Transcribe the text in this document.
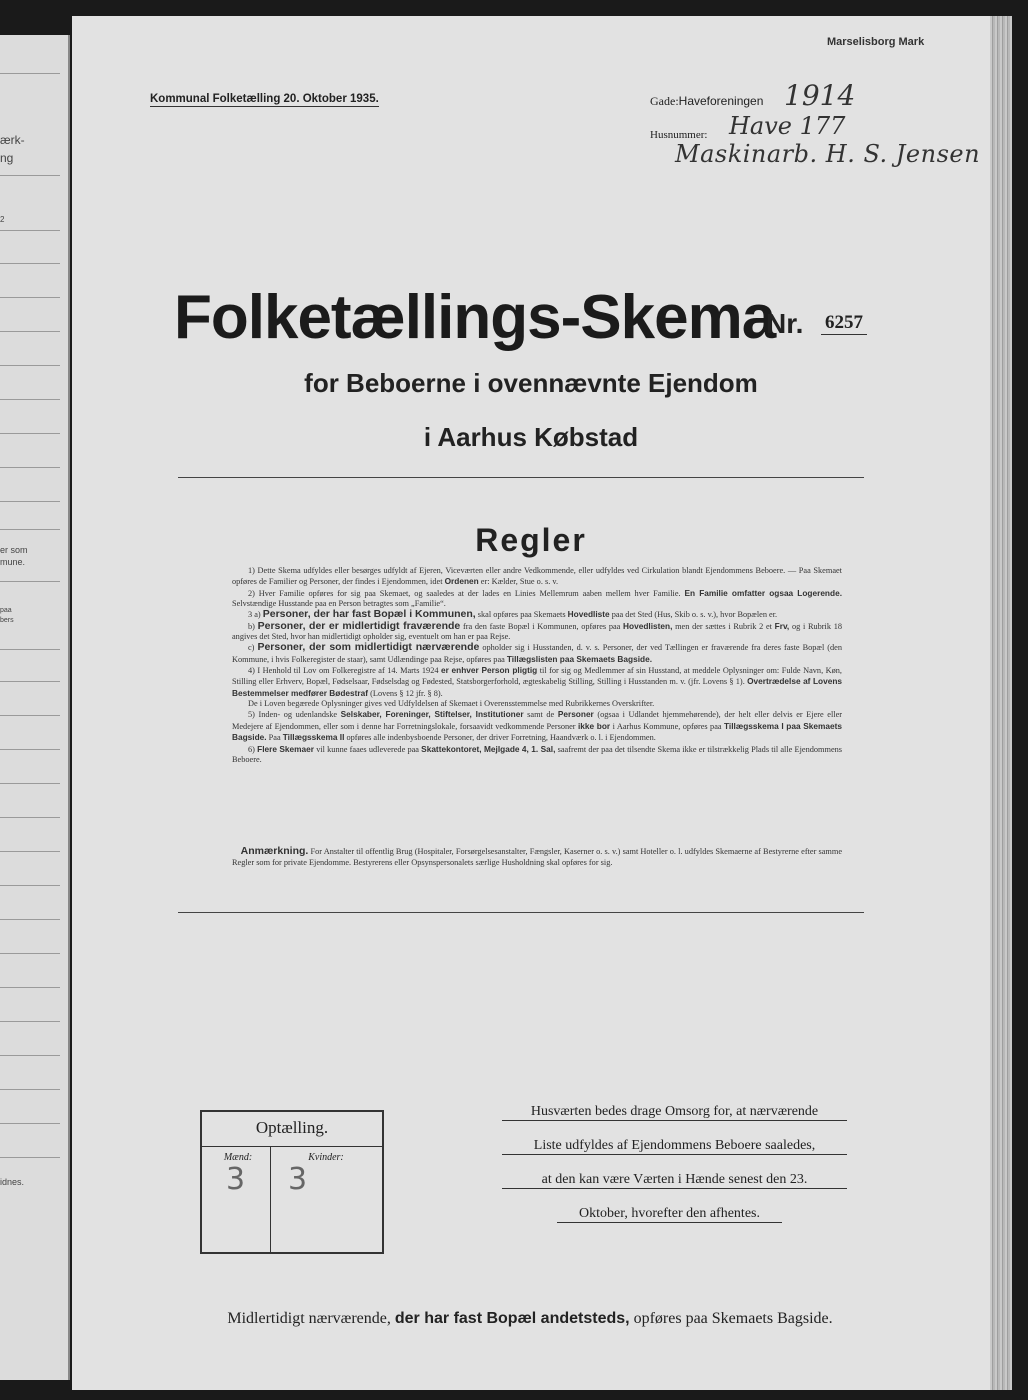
ærk-
ng
2
er som
mune.
paa
bers
idnes.
Marselisborg Mark
Kommunal Folketælling 20. Oktober 1935.	Gade:Haveforeningen 1914
Husnummer: Have 177
Maskinarb. H. S. Jensen
Folketællings-Skema
Nr. 6257
for Beboerne i ovennævnte Ejendom
i Aarhus Købstad
Regler

1) Dette Skema udfyldes eller besørges udfyldt af Ejeren, Viceværten eller andre Vedkommende, eller udfyldes ved Cirkulation blandt Ejendommens Beboere. — Paa Skemaet opføres de Familier og Personer, der findes i Ejendommen, idet Ordenen er: Kælder, Stue o. s. v.

2) Hver Familie opføres for sig paa Skemaet, og saaledes at der lades en Linies Mellemrum aaben mellem hver Familie. En Familie omfatter ogsaa Logerende. Selvstændige Husstande paa en Person betragtes som „Familie“.

3 a) Personer, der har fast Bopæl i Kommunen, skal opføres paa Skemaets Hovedliste paa det Sted (Hus, Skib o. s. v.), hvor Bopælen er.

b) Personer, der er midlertidigt fraværende fra den faste Bopæl i Kommunen, opføres paa Hovedlisten, men der sættes i Rubrik 2 et Frv, og i Rubrik 18 angives det Sted, hvor han midlertidigt opholder sig, eventuelt om han er paa Rejse.

c) Personer, der som midlertidigt nærværende opholder sig i Husstanden, d. v. s. Personer, der ved Tællingen er fraværende fra deres faste Bopæl (den Kommune, i hvis Folkeregister de staar), samt Udlændinge paa Rejse, opføres paa Tillægslisten paa Skemaets Bagside.

4) I Henhold til Lov om Folkeregistre af 14. Marts 1924 er enhver Person pligtig til for sig og Medlemmer af sin Husstand, at meddele Oplysninger om: Fulde Navn, Køn, Stilling eller Erhverv, Bopæl, Fødselsaar, Fødselsdag og Fødested, Statsborgerforhold, ægteskabelig Stilling, Stilling i Husstanden m. v. (jfr. Lovens § 1). Overtrædelse af Lovens Bestemmelser medfører Bødestraf (Lovens § 12 jfr. § 8).

De i Loven begærede Oplysninger gives ved Udfyldelsen af Skemaet i Overensstemmelse med Rubrikkernes Overskrifter.

5) Inden- og udenlandske Selskaber, Foreninger, Stiftelser, Institutioner samt de Personer (ogsaa i Udlandet hjemmehørende), der helt eller delvis er Ejere eller Medejere af Ejendommen, eller som i denne har Forretningslokale, forsaavidt vedkommende Personer ikke bor i Aarhus Kommune, opføres paa Tillægsskema I paa Skemaets Bagside. Paa Tillægsskema II opføres alle indenbysboende Personer, der driver Forretning, Haandværk o. l. i Ejendommen.

6) Flere Skemaer vil kunne faaes udleverede paa Skattekontoret, Mejlgade 4, 1. Sal, saafremt der paa det tilsendte Skema ikke er tilstrækkelig Plads til alle Ejendommens Beboere.

Anmærkning. For Anstalter til offentlig Brug (Hospitaler, Forsørgelsesanstalter, Fængsler, Kaserner o. s. v.) samt Hoteller o. l. udfyldes Skemaerne af Bestyrerne efter samme Regler som for private Ejendomme. Bestyrerens eller Opsynspersonalets særlige Husholdning skal opføres for sig.
Optælling.
Mænd:	Kvinder:
3 3
Husværten bedes drage Omsorg for, at nærværende
Liste udfyldes af Ejendommens Beboere saaledes,
at den kan være Værten i Hænde senest den 23.
Oktober, hvorefter den afhentes.
Midlertidigt nærværende, der har fast Bopæl andetsteds, opføres paa Skemaets Bagside.
